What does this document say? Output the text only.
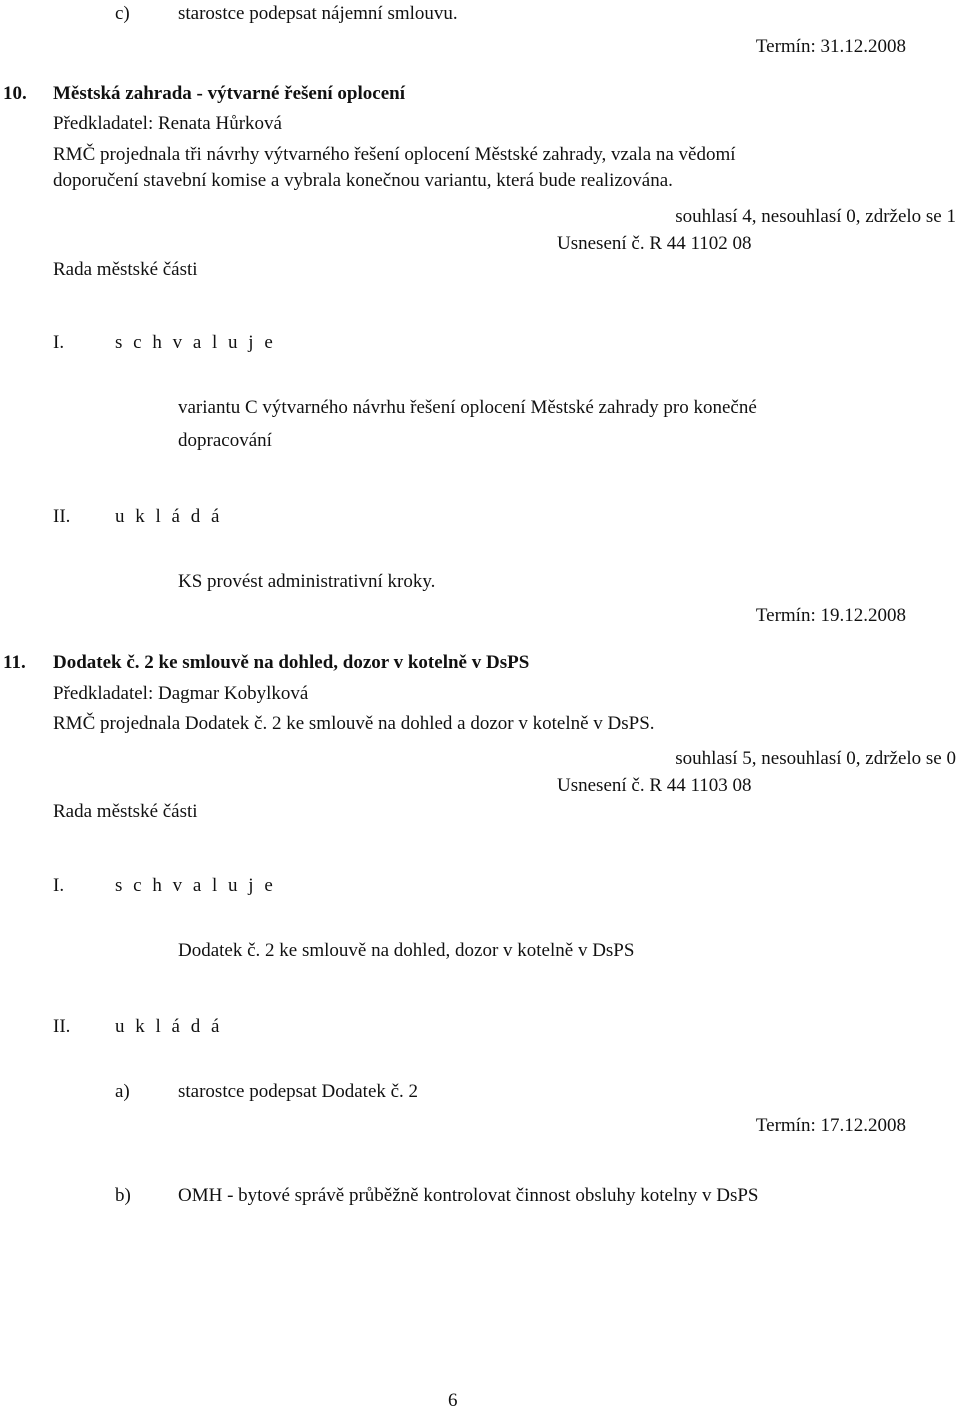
c)	starostce podepsat nájemní smlouvu.
Termín: 31.12.2008
10. Městská zahrada - výtvarné řešení oplocení
Předkladatel: Renata Hůrková
RMČ projednala tři návrhy výtvarného řešení oplocení Městské zahrady, vzala na vědomí
doporučení stavební komise a vybrala konečnou variantu, která bude realizována.
souhlasí 4, nesouhlasí 0, zdrželo se 1
Usnesení č. R 44 1102 08
Rada městské části
I.	s c h v a l u j e
variantu C výtvarného návrhu řešení oplocení Městské zahrady pro konečné
dopracování
II. u k l á d á
KS provést administrativní kroky.
Termín: 19.12.2008
11. Dodatek č. 2 ke smlouvě na dohled, dozor v kotelně v DsPS
Předkladatel: Dagmar Kobylková
RMČ projednala Dodatek č. 2 ke smlouvě na dohled a dozor v kotelně v DsPS.
souhlasí 5, nesouhlasí 0, zdrželo se 0
Usnesení č. R 44 1103 08
Rada městské části
I.	s c h v a l u j e
Dodatek č. 2 ke smlouvě na dohled, dozor v kotelně v DsPS
II. u k l á d á
a)	starostce podepsat Dodatek č. 2
Termín: 17.12.2008
b) OMH - bytové správě průběžně kontrolovat činnost obsluhy kotelny v DsPS
6
